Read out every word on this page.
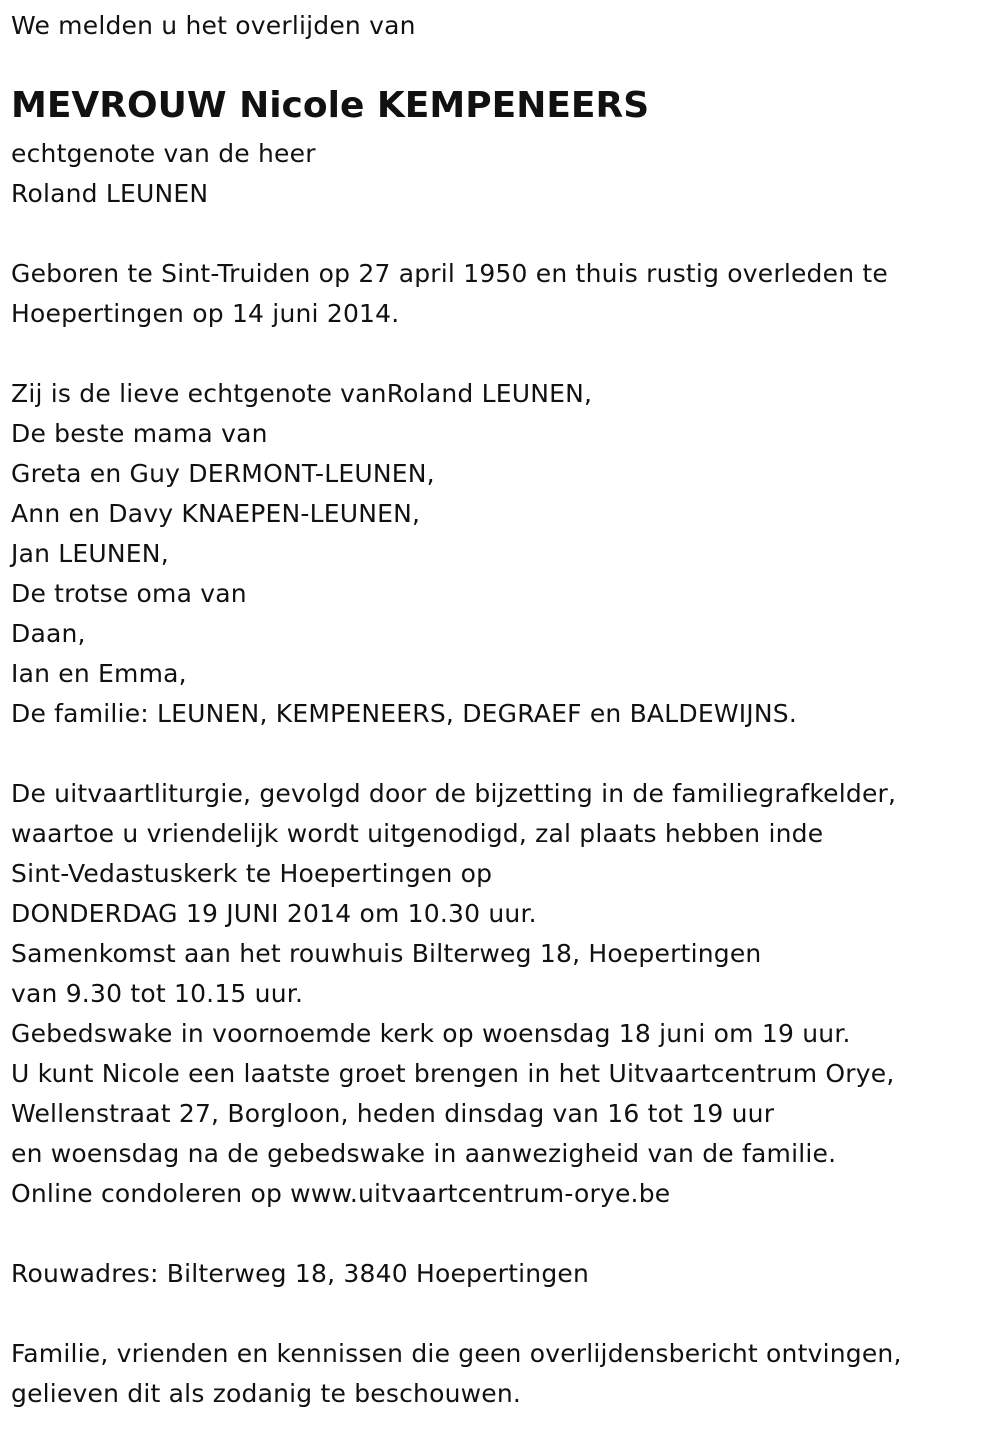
We melden u het overlijden van
MEVROUW Nicole KEMPENEERS
echtgenote van de heer
Roland LEUNEN
Geboren te Sint-Truiden op 27 april 1950 en thuis rustig overleden te
Hoepertingen op 14 juni 2014.
Zij is de lieve echtgenote vanRoland LEUNEN,
De beste mama van
Greta en Guy DERMONT-LEUNEN,
Ann en Davy KNAEPEN-LEUNEN,
Jan LEUNEN,
De trotse oma van
Daan,
Ian en Emma,
De familie: LEUNEN, KEMPENEERS, DEGRAEF en BALDEWIJNS.
De uitvaartliturgie, gevolgd door de bijzetting in de familiegrafkelder,
waartoe u vriendelijk wordt uitgenodigd, zal plaats hebben inde
Sint-Vedastuskerk te Hoepertingen op
DONDERDAG 19 JUNI 2014 om 10.30 uur.
Samenkomst aan het rouwhuis Bilterweg 18, Hoepertingen
van 9.30 tot 10.15 uur.
Gebedswake in voornoemde kerk op woensdag 18 juni om 19 uur.
U kunt Nicole een laatste groet brengen in het Uitvaartcentrum Orye,
Wellenstraat 27, Borgloon, heden dinsdag van 16 tot 19 uur
en woensdag na de gebedswake in aanwezigheid van de familie.
Online condoleren op www.uitvaartcentrum-orye.be
Rouwadres: Bilterweg 18, 3840 Hoepertingen
Familie, vrienden en kennissen die geen overlijdensbericht ontvingen,
gelieven dit als zodanig te beschouwen.
